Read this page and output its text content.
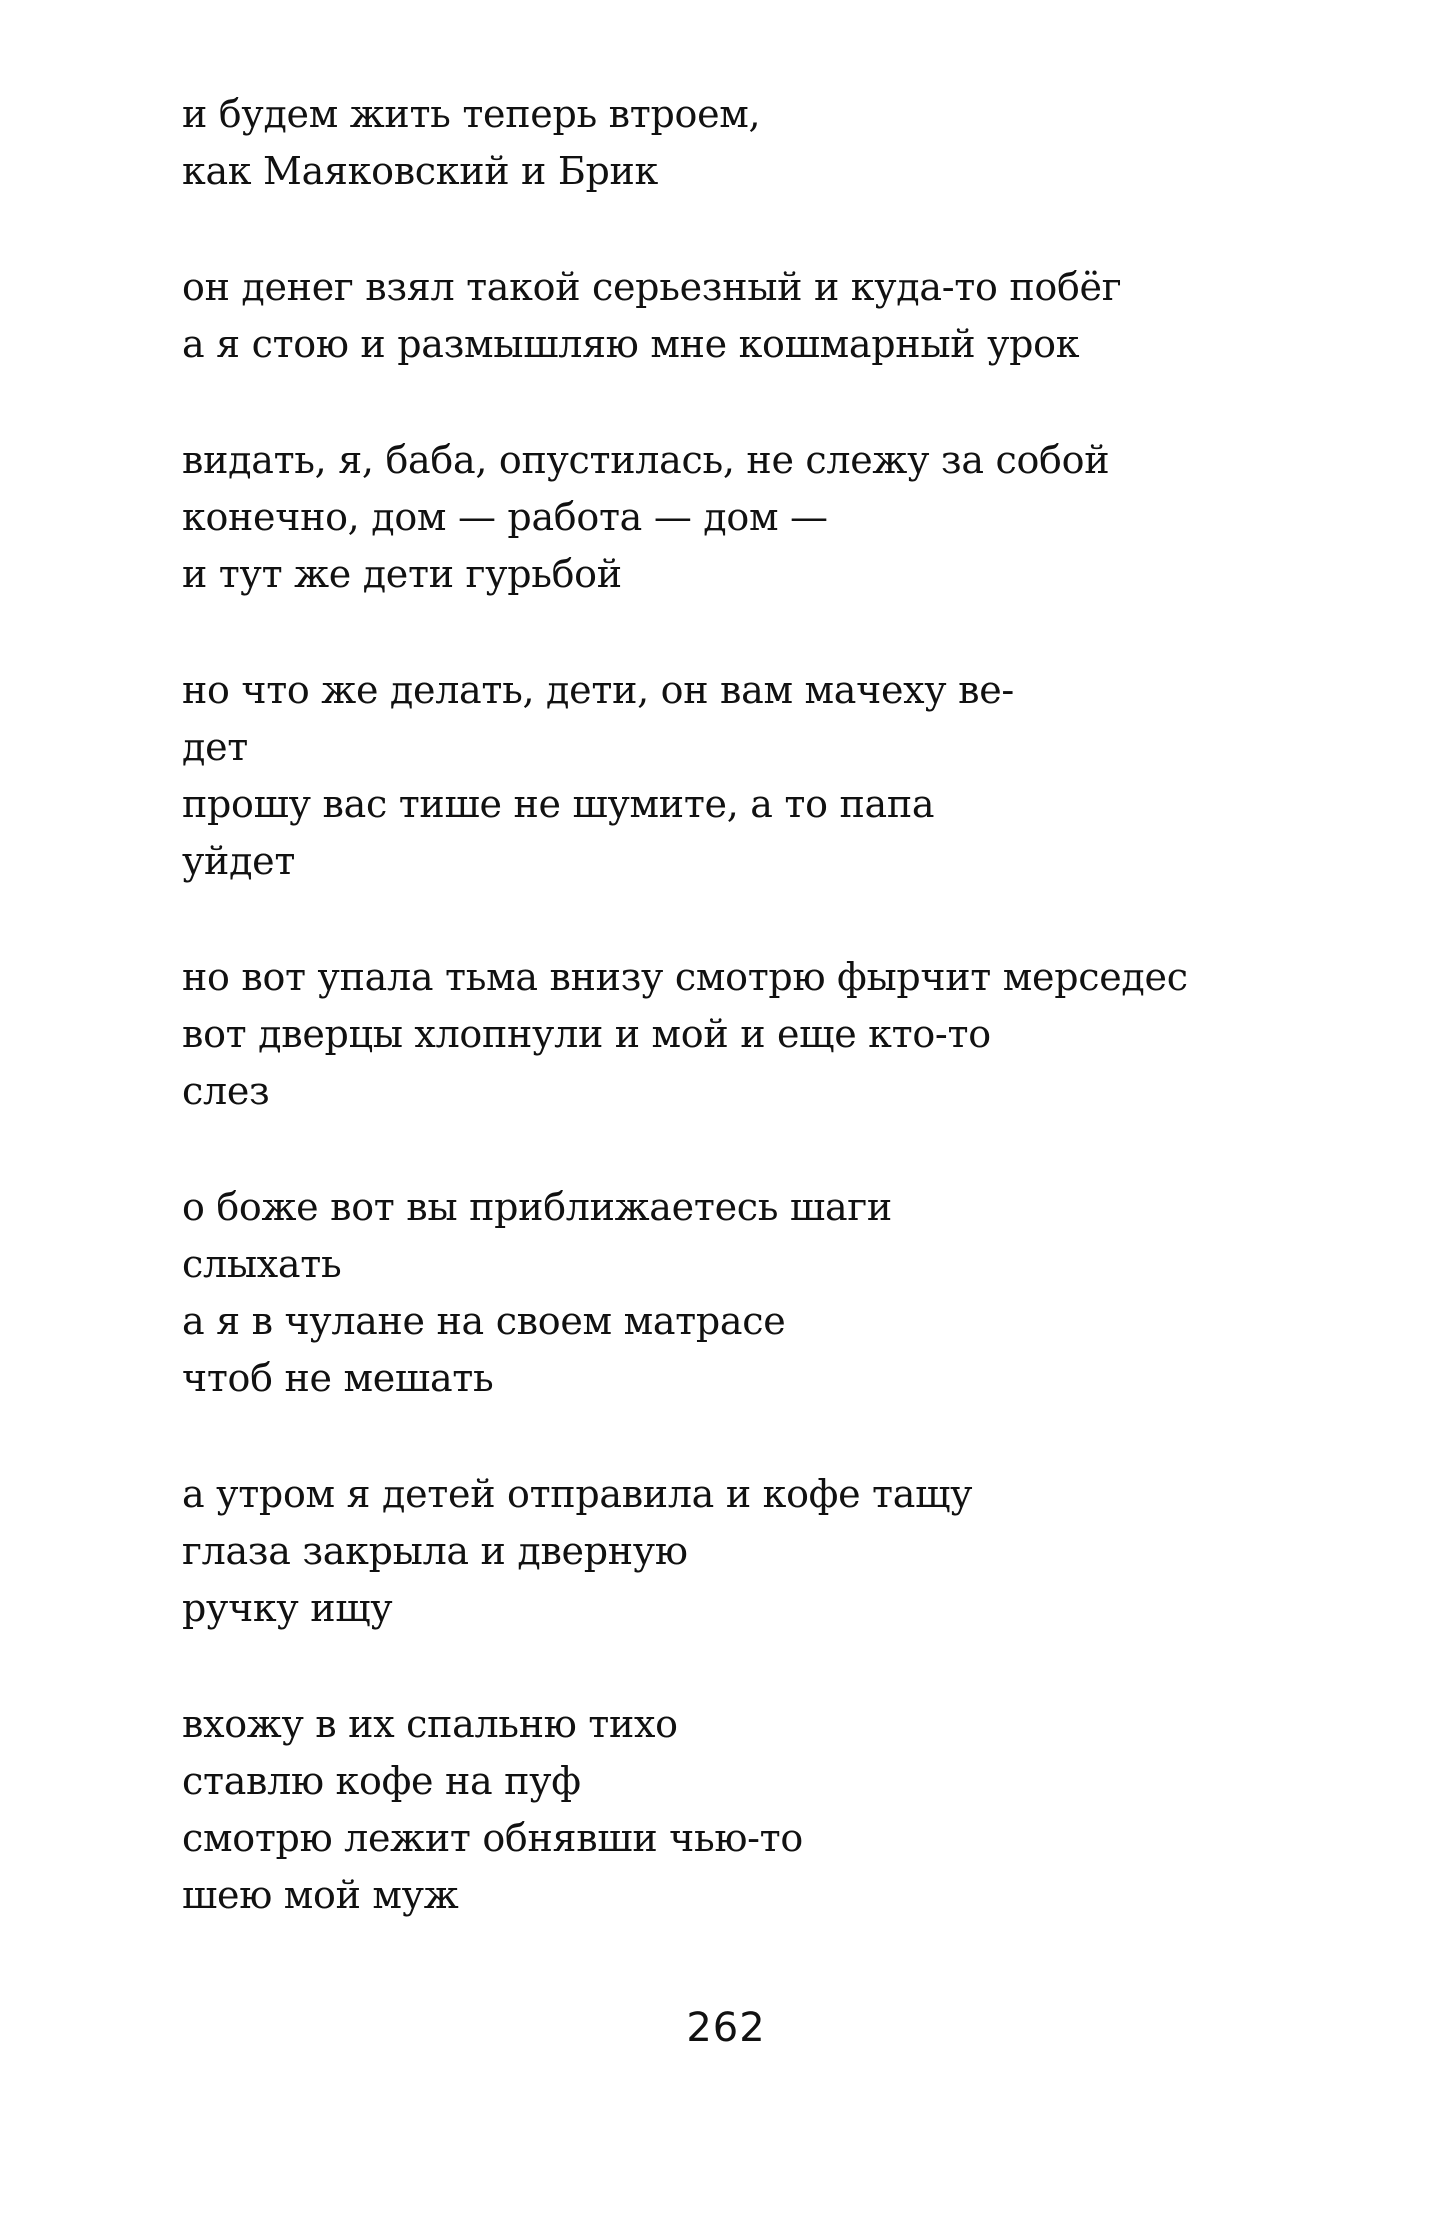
и будем жить теперь втроем,
как Маяковский и Брик
он денег взял такой серьезный и куда-то побёг
а я стою и размышляю мне кошмарный урок
видать, я, баба, опустилась, не слежу за собой
конечно, дом — работа — дом —
и тут же дети гурьбой
но что же делать, дети, он вам мачеху ве-
дет
прошу вас тише не шумите, а то папа
уйдет
но вот упала тьма внизу смотрю фырчит мерседес
вот дверцы хлопнули и мой и еще кто-то
слез
о боже вот вы приближаетесь шаги
слыхать
а я в чулане на своем матрасе
чтоб не мешать
а утром я детей отправила и кофе тащу
глаза закрыла и дверную
ручку ищу
вхожу в их спальню тихо
ставлю кофе на пуф
смотрю лежит обнявши чью-то
шею мой муж
262
